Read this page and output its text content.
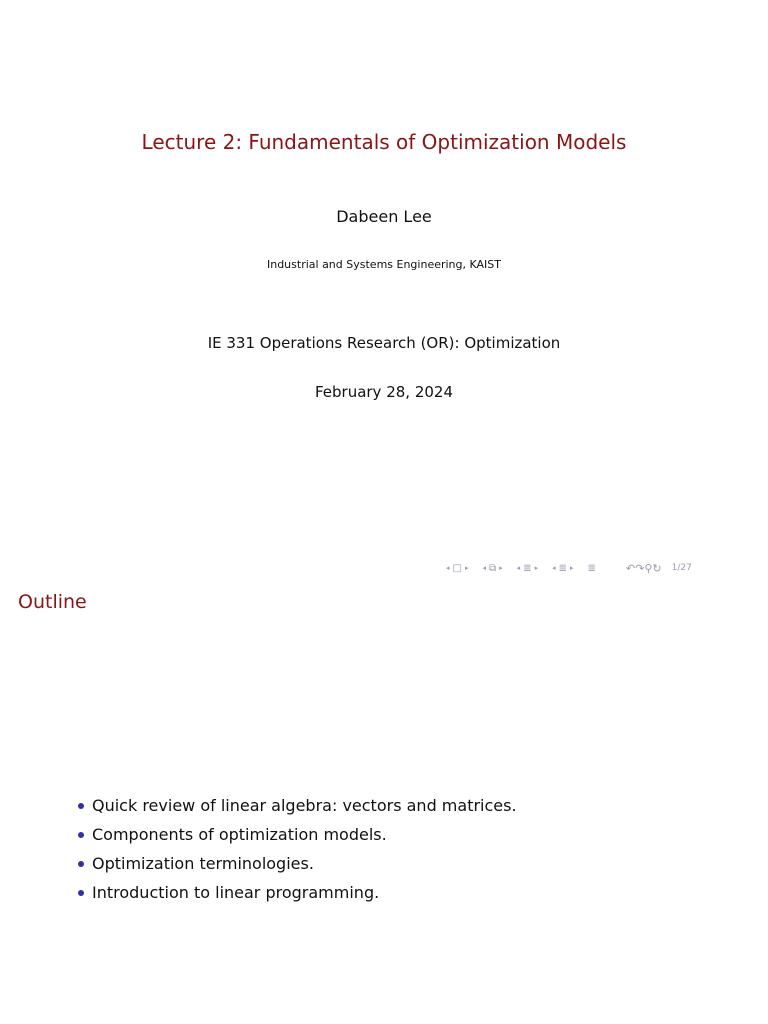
Lecture 2: Fundamentals of Optimization Models
Dabeen Lee
Industrial and Systems Engineering, KAIST
IE 331 Operations Research (OR): Optimization
February 28, 2024
◂ □ ▸ ◂ ⧉ ▸ ◂ ≣ ▸ ◂ ≣ ▸ ≣	↶↷⚲↻ 1/27
Outline
Quick review of linear algebra: vectors and matrices.
Components of optimization models.
Optimization terminologies.
Introduction to linear programming.
